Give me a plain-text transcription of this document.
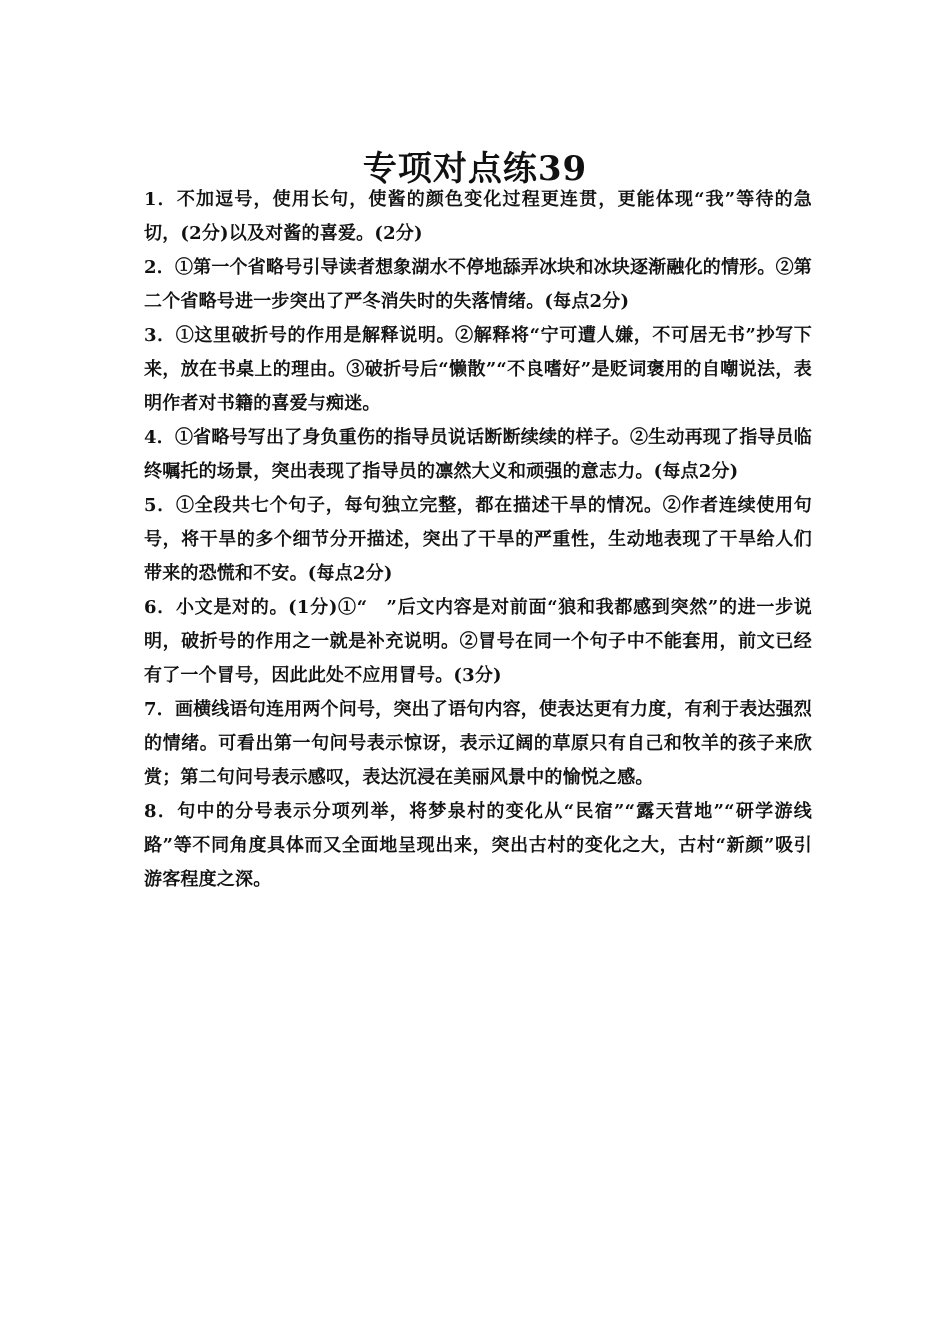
专项对点练39

1．不加逗号，使用长句，使酱的颜色变化过程更连贯，更能体现“我”等待的急切，(2分)以及对酱的喜爱。(2分)

2．①第一个省略号引导读者想象湖水不停地舔弄冰块和冰块逐渐融化的情形。②第二个省略号进一步突出了严冬消失时的失落情绪。(每点2分)

3．①这里破折号的作用是解释说明。②解释将“宁可遭人嫌，不可居无书”抄写下来，放在书桌上的理由。③破折号后“懒散”“不良嗜好”是贬词褒用的自嘲说法，表明作者对书籍的喜爱与痴迷。

4．①省略号写出了身负重伤的指导员说话断断续续的样子。②生动再现了指导员临终嘱托的场景，突出表现了指导员的凛然大义和顽强的意志力。(每点2分)

5．①全段共七个句子，每句独立完整，都在描述干旱的情况。②作者连续使用句号，将干旱的多个细节分开描述，突出了干旱的严重性，生动地表现了干旱给人们带来的恐慌和不安。(每点2分)

6．小文是对的。(1分)①“　”后文内容是对前面“狼和我都感到突然”的进一步说明，破折号的作用之一就是补充说明。②冒号在同一个句子中不能套用，前文已经有了一个冒号，因此此处不应用冒号。(3分)

7．画横线语句连用两个问号，突出了语句内容，使表达更有力度，有利于表达强烈的情绪。可看出第一句问号表示惊讶，表示辽阔的草原只有自己和牧羊的孩子来欣赏；第二句问号表示感叹，表达沉浸在美丽风景中的愉悦之感。

8．句中的分号表示分项列举，将梦泉村的变化从“民宿”“露天营地”“研学游线路”等不同角度具体而又全面地呈现出来，突出古村的变化之大，古村“新颜”吸引游客程度之深。
